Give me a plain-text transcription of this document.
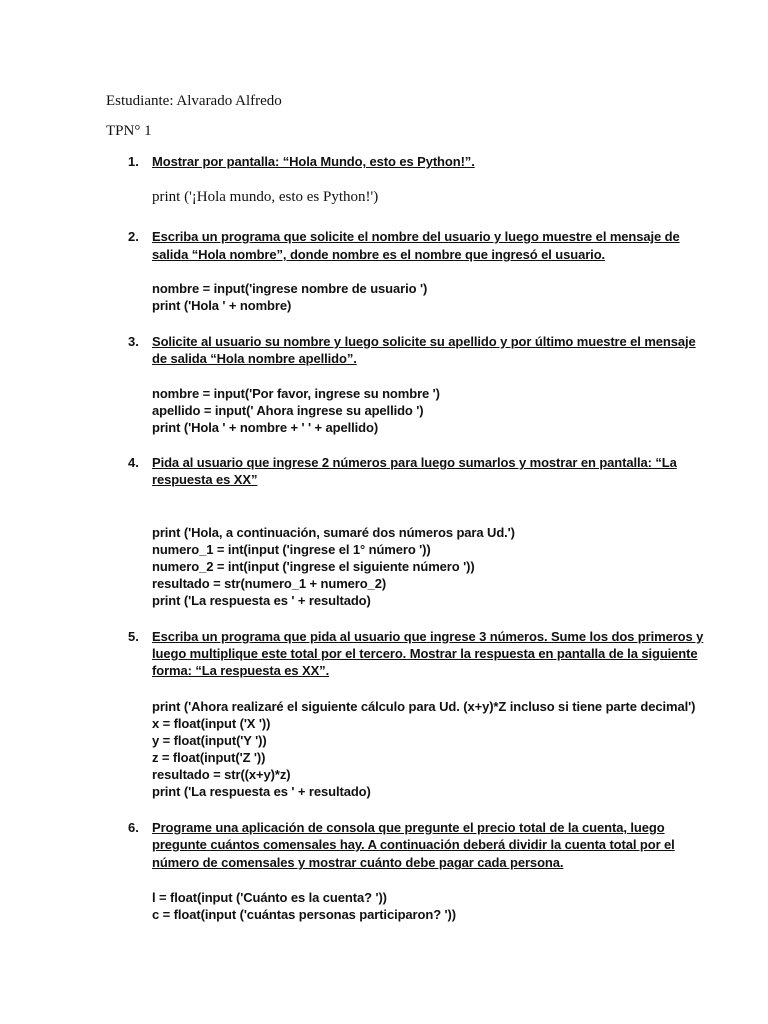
Estudiante: Alvarado Alfredo
TPN° 1
1. Mostrar por pantalla: “Hola Mundo, esto es Python!”.
print ('¡Hola mundo, esto es Python!')
2. Escriba un programa que solicite el nombre del usuario y luego muestre el mensaje de
salida “Hola nombre”, donde nombre es el nombre que ingresó el usuario.
nombre = input('ingrese nombre de usuario ')
print ('Hola ' + nombre)
3. Solicite al usuario su nombre y luego solicite su apellido y por último muestre el mensaje
de salida “Hola nombre apellido”.
nombre = input('Por favor, ingrese su nombre ')
apellido = input(' Ahora ingrese su apellido ')
print ('Hola ' + nombre + ' ' + apellido)
4. Pida al usuario que ingrese 2 números para luego sumarlos y mostrar en pantalla: “La
respuesta es XX”
print ('Hola, a continuación, sumaré dos números para Ud.')
numero_1 = int(input ('ingrese el 1° número '))
numero_2 = int(input ('ingrese el siguiente número '))
resultado = str(numero_1 + numero_2)
print ('La respuesta es ' + resultado)
5. Escriba un programa que pida al usuario que ingrese 3 números. Sume los dos primeros y
luego multiplique este total por el tercero. Mostrar la respuesta en pantalla de la siguiente
forma: “La respuesta es XX”.
print ('Ahora realizaré el siguiente cálculo para Ud. (x+y)*Z incluso si tiene parte decimal')
x = float(input ('X '))
y = float(input('Y '))
z = float(input('Z '))
resultado = str((x+y)*z)
print ('La respuesta es ' + resultado)
6. Programe una aplicación de consola que pregunte el precio total de la cuenta, luego
pregunte cuántos comensales hay. A continuación deberá dividir la cuenta total por el
número de comensales y mostrar cuánto debe pagar cada persona.
l = float(input ('Cuánto es la cuenta? '))
c = float(input ('cuántas personas participaron? '))
